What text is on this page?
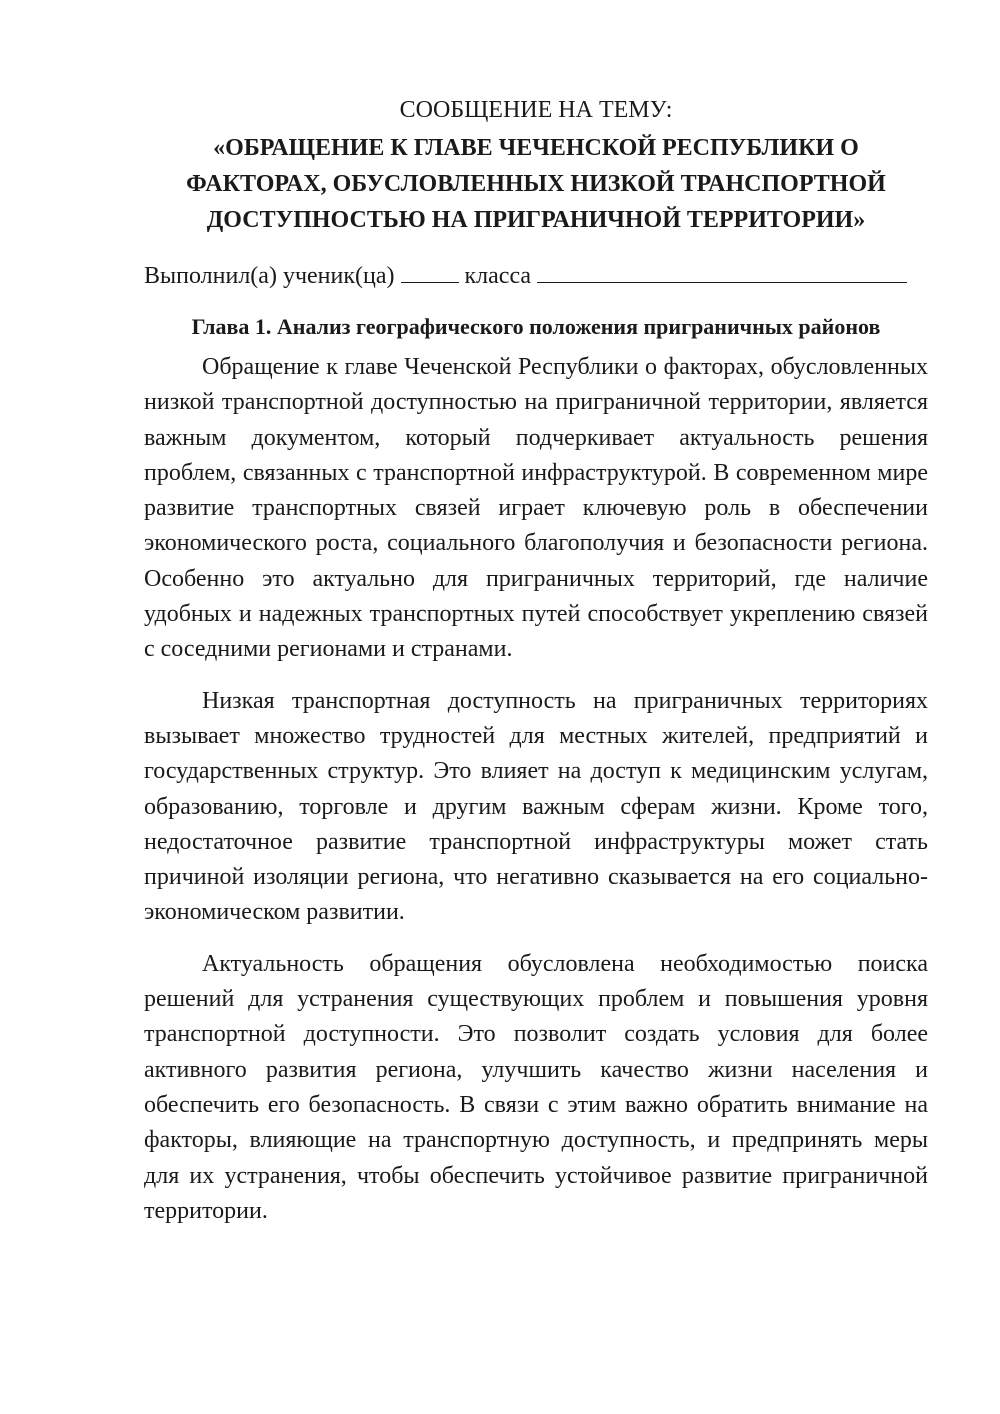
СООБЩЕНИЕ НА ТЕМУ:

«ОБРАЩЕНИЕ К ГЛАВЕ ЧЕЧЕНСКОЙ РЕСПУБЛИКИ О
ФАКТОРАХ, ОБУСЛОВЛЕННЫХ НИЗКОЙ ТРАНСПОРТНОЙ
ДОСТУПНОСТЬЮ НА ПРИГРАНИЧНОЙ ТЕРРИТОРИИ»

Выполнил(а) ученик(ца)	класса

Глава 1. Анализ географического положения приграничных районов

Обращение к главе Чеченской Республики о факторах, обусловленных низкой транспортной доступностью на приграничной территории, является важным документом, который подчеркивает актуальность решения проблем, связанных с транспортной инфраструктурой. В современном мире развитие транспортных связей играет ключевую роль в обеспечении экономического роста, социального благополучия и безопасности региона. Особенно это актуально для приграничных территорий, где наличие удобных и надежных транспортных путей способствует укреплению связей с соседними регионами и странами.

Низкая транспортная доступность на приграничных территориях вызывает множество трудностей для местных жителей, предприятий и государственных структур. Это влияет на доступ к медицинским услугам, образованию, торговле и другим важным сферам жизни. Кроме того, недостаточное развитие транспортной инфраструктуры может стать причиной изоляции региона, что негативно сказывается на его социально-экономическом развитии.

Актуальность обращения обусловлена необходимостью поиска решений для устранения существующих проблем и повышения уровня транспортной доступности. Это позволит создать условия для более активного развития региона, улучшить качество жизни населения и обеспечить его безопасность. В связи с этим важно обратить внимание на факторы, влияющие на транспортную доступность, и предпринять меры для их устранения, чтобы обеспечить устойчивое развитие приграничной территории.
